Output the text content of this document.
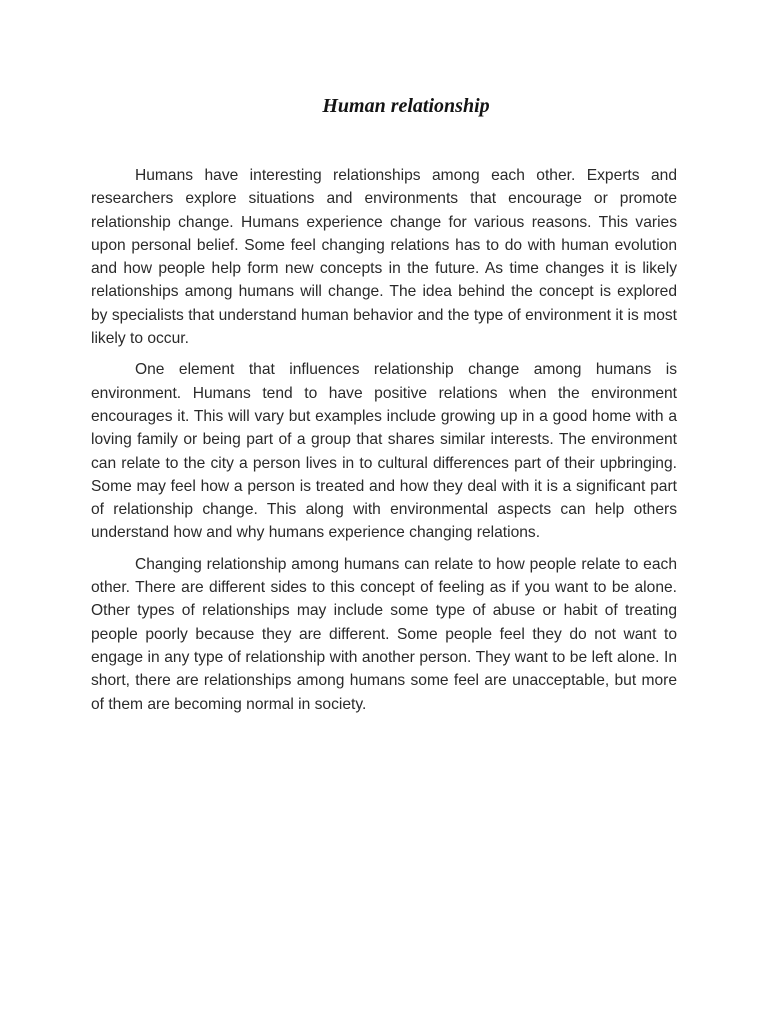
Human relationship

Humans have interesting relationships among each other. Experts and researchers explore situations and environments that encourage or promote relationship change. Humans experience change for various reasons. This varies upon personal belief. Some feel changing relations has to do with human evolution and how people help form new concepts in the future. As time changes it is likely relationships among humans will change. The idea behind the concept is explored by specialists that understand human behavior and the type of environment it is most likely to occur.

One element that influences relationship change among humans is environment. Humans tend to have positive relations when the environment encourages it. This will vary but examples include growing up in a good home with a loving family or being part of a group that shares similar interests. The environment can relate to the city a person lives in to cultural differences part of their upbringing. Some may feel how a person is treated and how they deal with it is a significant part of relationship change. This along with environmental aspects can help others understand how and why humans experience changing relations.

Changing relationship among humans can relate to how people relate to each other. There are different sides to this concept of feeling as if you want to be alone. Other types of relationships may include some type of abuse or habit of treating people poorly because they are different. Some people feel they do not want to engage in any type of relationship with another person. They want to be left alone. In short, there are relationships among humans some feel are unacceptable, but more of them are becoming normal in society.
